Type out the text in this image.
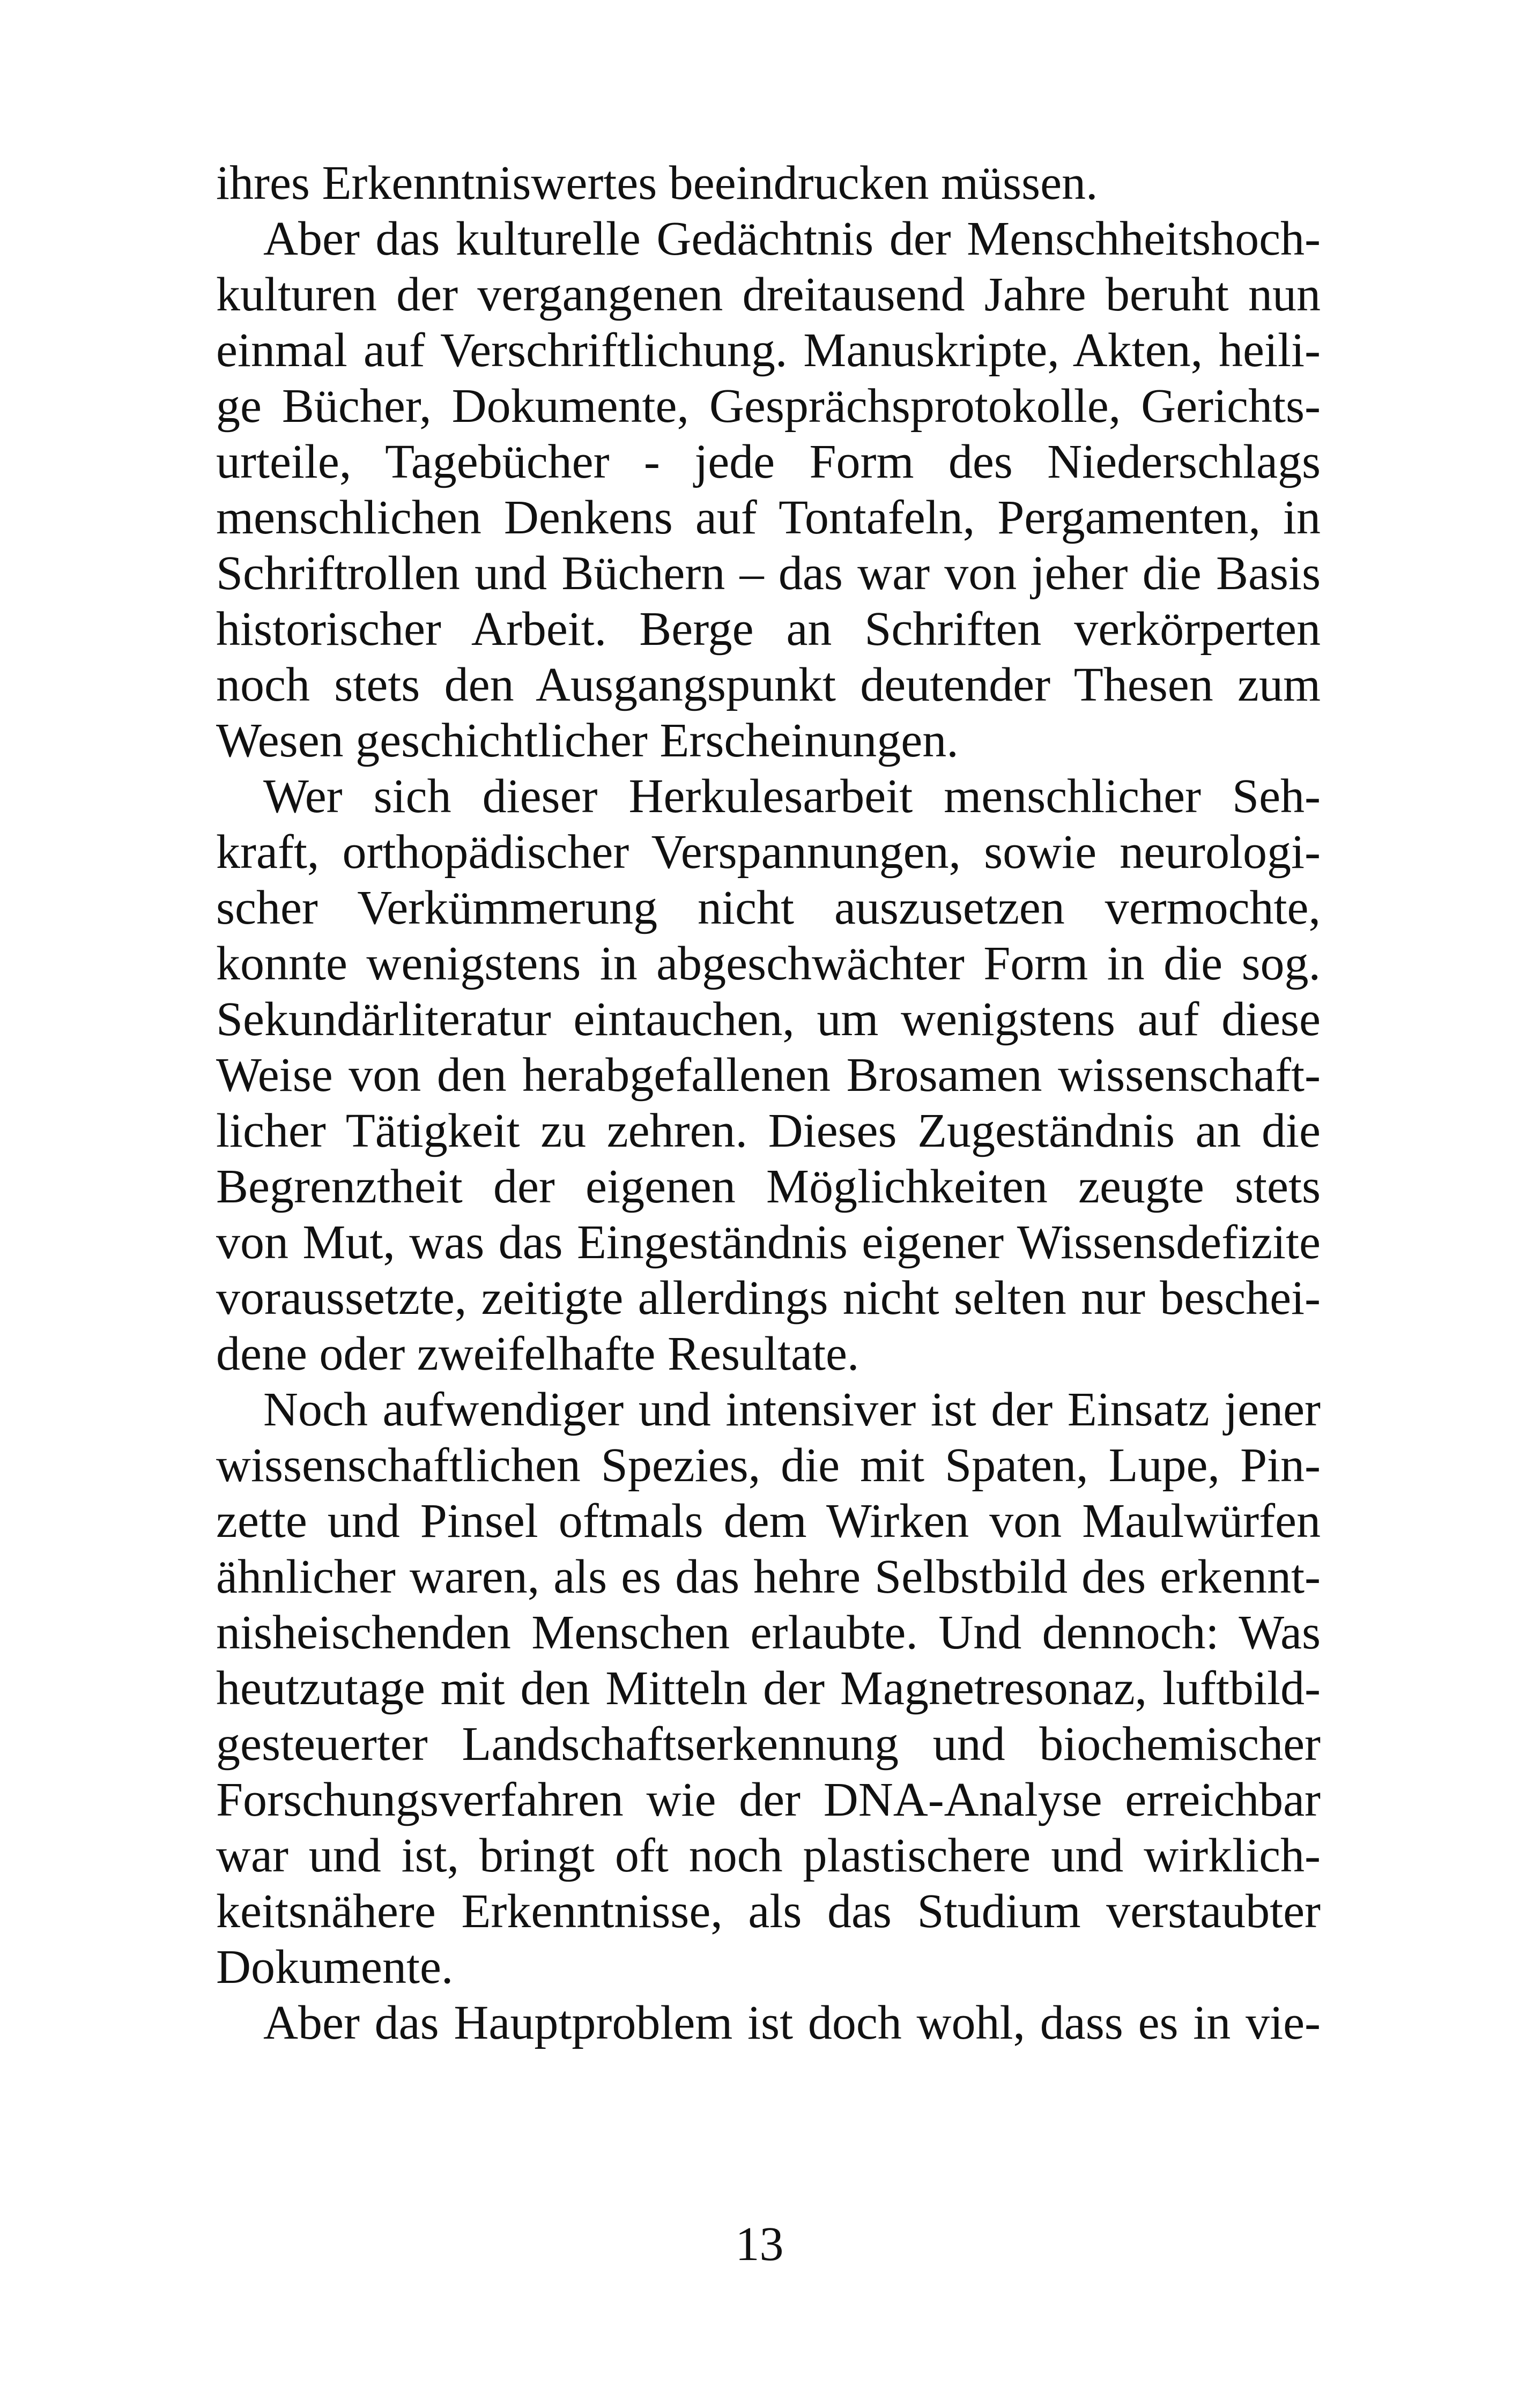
ihres Erkenntniswertes beeindrucken müssen.
Aber das kulturelle Gedächtnis der Menschheitshoch-
kulturen der vergangenen dreitausend Jahre beruht nun
einmal auf Verschriftlichung. Manuskripte, Akten, heili-
ge Bücher, Dokumente, Gesprächsprotokolle, Gerichts-
urteile, Tagebücher - jede Form des Niederschlags
menschlichen Denkens auf Tontafeln, Pergamenten, in
Schriftrollen und Büchern – das war von jeher die Basis
historischer Arbeit. Berge an Schriften verkörperten
noch stets den Ausgangspunkt deutender Thesen zum
Wesen geschichtlicher Erscheinungen.
Wer sich dieser Herkulesarbeit menschlicher Seh-
kraft, orthopädischer Verspannungen, sowie neurologi-
scher Verkümmerung nicht auszusetzen vermochte,
konnte wenigstens in abgeschwächter Form in die sog.
Sekundärliteratur eintauchen, um wenigstens auf diese
Weise von den herabgefallenen Brosamen wissenschaft-
licher Tätigkeit zu zehren. Dieses Zugeständnis an die
Begrenztheit der eigenen Möglichkeiten zeugte stets
von Mut, was das Eingeständnis eigener Wissensdefizite
voraussetzte, zeitigte allerdings nicht selten nur beschei-
dene oder zweifelhafte Resultate.
Noch aufwendiger und intensiver ist der Einsatz jener
wissenschaftlichen Spezies, die mit Spaten, Lupe, Pin-
zette und Pinsel oftmals dem Wirken von Maulwürfen
ähnlicher waren, als es das hehre Selbstbild des erkennt-
nisheischenden Menschen erlaubte. Und dennoch: Was
heutzutage mit den Mitteln der Magnetresonaz, luftbild-
gesteuerter Landschaftserkennung und biochemischer
Forschungsverfahren wie der DNA-Analyse erreichbar
war und ist, bringt oft noch plastischere und wirklich-
keitsnähere Erkenntnisse, als das Studium verstaubter
Dokumente.
Aber das Hauptproblem ist doch wohl, dass es in vie-
13
